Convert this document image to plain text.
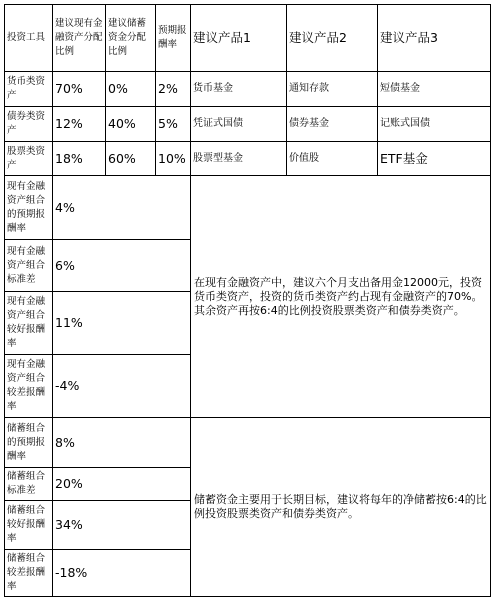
投资工具	建议现有金融资产分配比例	建议储蓄资金分配比例	预期报酬率	建议产品1	建议产品2	建议产品3
货币类资产	70%	0%	2%	货币基金	通知存款	短债基金
债券类资产	12%	40%	5%	凭证式国债	债券基金	记账式国债
股票类资产	18%	60%	10%	股票型基金	价值股	ETF基金
现有金融资产组合的预期报酬率	4%			在现有金融资产中，建议六个月支出备用金12000元，投资货币类资产，投资的货币类资产约占现有金融资产的70%。其余资产再按6:4的比例投资股票类资产和债券类资产。		
现有金融资产组合标准差	6%					
现有金融资产组合较好报酬率	11%					
现有金融资产组合较差报酬率	-4%					
储蓄组合的预期报酬率	8%			储蓄资金主要用于长期目标，建议将每年的净储蓄按6:4的比例投资股票类资产和债券类资产。		
储蓄组合标准差	20%					
储蓄组合较好报酬率	34%					
储蓄组合较差报酬率	-18%					
